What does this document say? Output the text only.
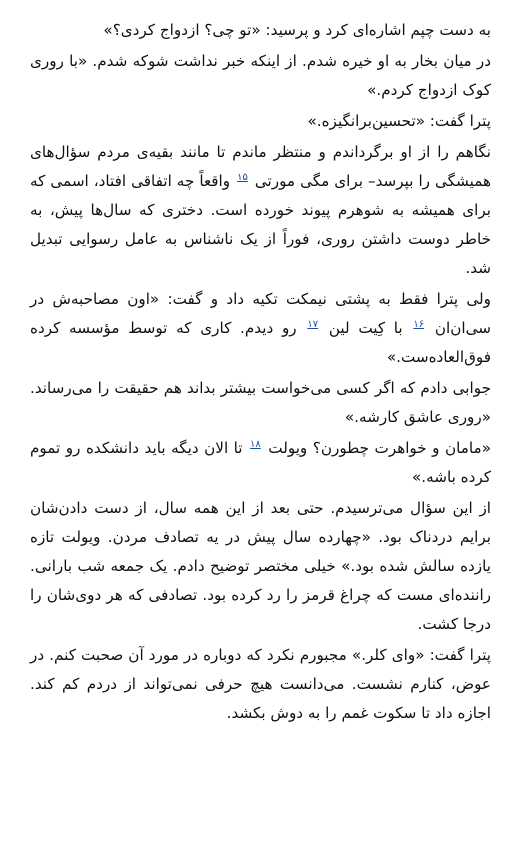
به دست چپم اشاره‌ای کرد و پرسید: «تو چی؟ ازدواج کردی؟»

در میان بخار به او خیره شدم. از اینکه خبر نداشت شوکه شدم. «با روری کوک ازدواج کردم.»

پترا گفت: «تحسین‌برانگیزه.»

نگاهم را از او برگرداندم و منتظر ماندم تا مانند بقیه‌ی مردم سؤال‌های همیشگی را بپرسد– برای مگی مورتی $^{۱۵}$ واقعاً چه اتفاقی افتاد، اسمی که برای همیشه به شوهرم پیوند خورده است. دختری که سال‌ها پیش، به خاطر دوست داشتن روری، فوراً از یک ناشناس به عامل رسوایی تبدیل شد.

ولی پترا فقط به پشتی نیمکت تکیه داد و گفت: «اون مصاحبه‌ش در سی‌ان‌ان $^{۱۶}$ با کِیت لین $^{۱۷}$ رو دیدم. کاری که توسط مؤسسه کرده فوق‌العاده‌ست.»

جوابی دادم که اگر کسی می‌خواست بیشتر بداند هم حقیقت را می‌رساند. «روری عاشق کارشه.»

«مامان و خواهرت چطورن؟ ویولت $^{۱۸}$ تا الان دیگه باید دانشکده رو تموم کرده باشه.»

از این سؤال می‌ترسیدم. حتی بعد از این همه سال، از دست دادن‌شان برایم دردناک بود. «چهارده سال پیش در یه تصادف مردن. ویولت تازه یازده سالش شده بود.» خیلی مختصر توضیح دادم. یک جمعه شب بارانی. راننده‌ای مست که چراغ قرمز را رد کرده بود. تصادفی که هر دوی‌شان را درجا کشت.

پترا گفت: «وای کلر.» مجبورم نکرد که دوباره در مورد آن صحبت کنم. در عوض، کنارم نشست. می‌دانست هیچ حرفی نمی‌تواند از دردم کم کند. اجازه داد تا سکوت غمم را به دوش بکشد.
